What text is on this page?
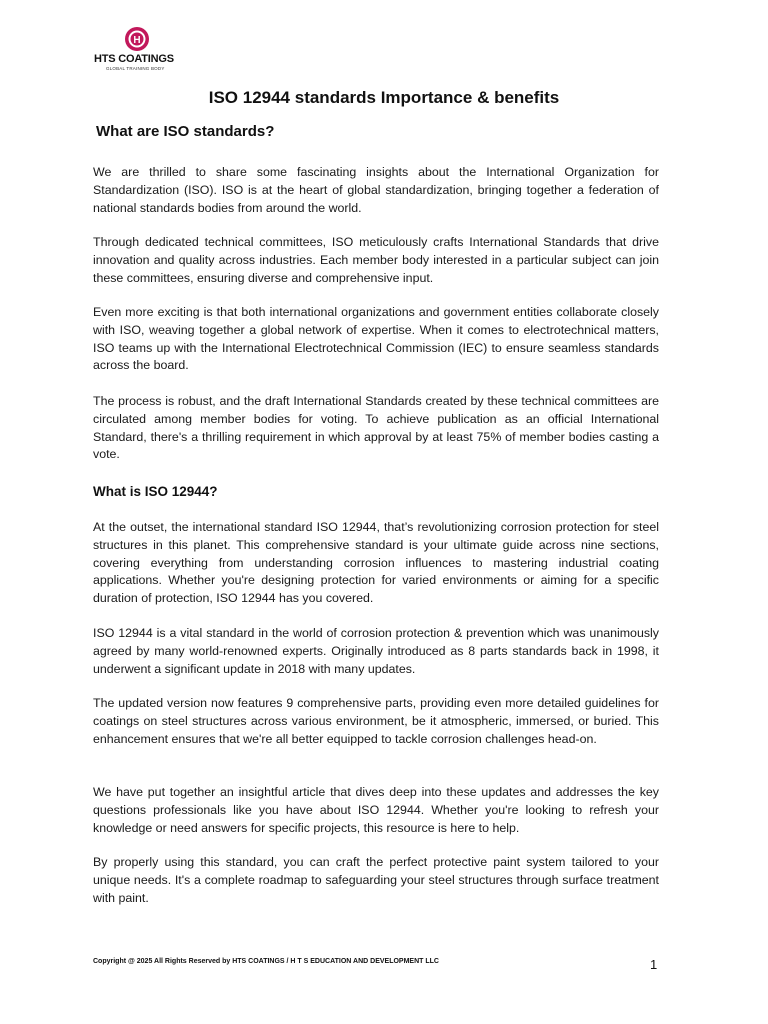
H
HTS COATINGS
GLOBAL TRAINING BODY
ISO 12944 standards Importance & benefits
What are ISO standards?
We are thrilled to share some fascinating insights about the International Organization for Standardization (ISO). ISO is at the heart of global standardization, bringing together a federation of national standards bodies from around the world.
Through dedicated technical committees, ISO meticulously crafts International Standards that drive innovation and quality across industries. Each member body interested in a particular subject can join these committees, ensuring diverse and comprehensive input.
Even more exciting is that both international organizations and government entities collaborate closely with ISO, weaving together a global network of expertise. When it comes to electrotechnical matters, ISO teams up with the International Electrotechnical Commission (IEC) to ensure seamless standards across the board.
The process is robust, and the draft International Standards created by these technical committees are circulated among member bodies for voting. To achieve publication as an official International Standard, there's a thrilling requirement in which approval by at least 75% of member bodies casting a vote.
What is ISO 12944?
At the outset, the international standard ISO 12944, that’s revolutionizing corrosion protection for steel structures in this planet. This comprehensive standard is your ultimate guide across nine sections, covering everything from understanding corrosion influences to mastering industrial coating applications. Whether you're designing protection for varied environments or aiming for a specific duration of protection, ISO 12944 has you covered.
ISO 12944 is a vital standard in the world of corrosion protection & prevention which was unanimously agreed by many world-renowned experts. Originally introduced as 8 parts standards back in 1998, it underwent a significant update in 2018 with many updates.
The updated version now features 9 comprehensive parts, providing even more detailed guidelines for coatings on steel structures across various environment, be it atmospheric, immersed, or buried. This enhancement ensures that we're all better equipped to tackle corrosion challenges head-on.
We have put together an insightful article that dives deep into these updates and addresses the key questions professionals like you have about ISO 12944. Whether you're looking to refresh your knowledge or need answers for specific projects, this resource is here to help.
By properly using this standard, you can craft the perfect protective paint system tailored to your unique needs. It's a complete roadmap to safeguarding your steel structures through surface treatment with paint.
Copyright @ 2025 All Rights Reserved by HTS COATINGS / H T S EDUCATION AND DEVELOPMENT LLC	1
